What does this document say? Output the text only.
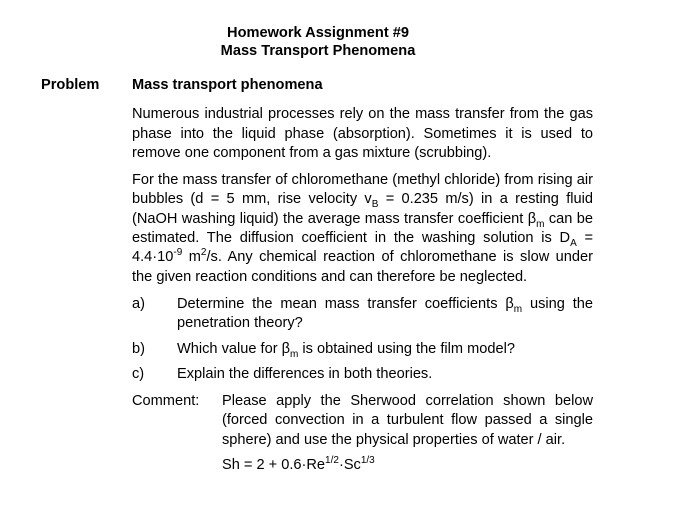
Homework Assignment #9
Mass Transport Phenomena
Problem Mass transport phenomena

Numerous industrial processes rely on the mass transfer from the gas phase into the liquid phase (absorption). Sometimes it is used to remove one component from a gas mixture (scrubbing).

For the mass transfer of chloromethane (methyl chloride) from rising air bubbles (d = 5 mm, rise velocity $v_B = 0.235$ m/s) in a resting fluid (NaOH washing liquid) the average mass transfer coefficient $\beta_m$ can be estimated. The diffusion coefficient in the washing solution is $D_A = 4.4\cdot 10^{-9}$ $m^2/s$. Any chemical reaction of chloromethane is slow under the given reaction conditions and can therefore be neglected.

a)	Determine the mean mass transfer coefficients $\beta_m$ using the penetration theory?
b)	Which value for $\beta_m$ is obtained using the film model?
c)	Explain the differences in both theories.
Comment:	Please apply the Sherwood correlation shown below (forced convection in a turbulent flow passed a single sphere) and use the physical properties of water / air.

$Sh = 2 + 0.6\cdot Re^{1/2}\cdot Sc^{1/3}$
